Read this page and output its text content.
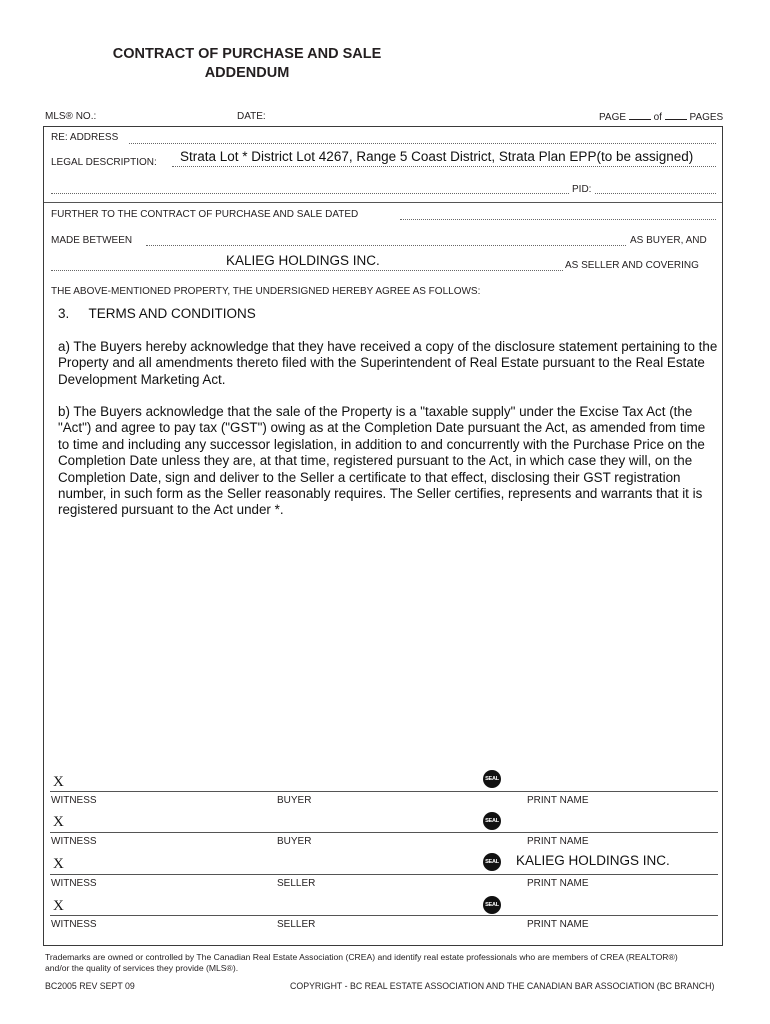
CONTRACT OF PURCHASE AND SALE
ADDENDUM
MLS® NO.:	DATE:	PAGE	of	PAGES
RE: ADDRESS
LEGAL DESCRIPTION: Strata Lot * District Lot 4267, Range 5 Coast District, Strata Plan EPP(to be assigned)
PID:
FURTHER TO THE CONTRACT OF PURCHASE AND SALE DATED
MADE BETWEEN	AS BUYER, AND
KALIEG HOLDINGS INC.	AS SELLER AND COVERING
THE ABOVE-MENTIONED PROPERTY, THE UNDERSIGNED HEREBY AGREE AS FOLLOWS:
3. TERMS AND CONDITIONS
a) The Buyers hereby acknowledge that they have received a copy of the disclosure statement pertaining to the Property and all amendments thereto filed with the Superintendent of Real Estate pursuant to the Real Estate Development Marketing Act.
b) The Buyers acknowledge that the sale of the Property is a "taxable supply" under the Excise Tax Act (the "Act") and agree to pay tax ("GST") owing as at the Completion Date pursuant the Act, as amended from time to time and including any successor legislation, in addition to and concurrently with the Purchase Price on the Completion Date unless they are, at that time, registered pursuant to the Act, in which case they will, on the Completion Date, sign and deliver to the Seller a certificate to that effect, disclosing their GST registration number, in such form as the Seller reasonably requires. The Seller certifies, represents and warrants that it is registered pursuant to the Act under *.
X	SEAL
WITNESS	BUYER	PRINT NAME
X	SEAL
WITNESS	BUYER	PRINT NAME
X	SEAL KALIEG HOLDINGS INC.
WITNESS	SELLER	PRINT NAME
X	SEAL
WITNESS	SELLER	PRINT NAME
Trademarks are owned or controlled by The Canadian Real Estate Association (CREA) and identify real estate professionals who are members of CREA (REALTOR®)
and/or the quality of services they provide (MLS®).
BC2005 REV SEPT 09	COPYRIGHT - BC REAL ESTATE ASSOCIATION AND THE CANADIAN BAR ASSOCIATION (BC BRANCH)
